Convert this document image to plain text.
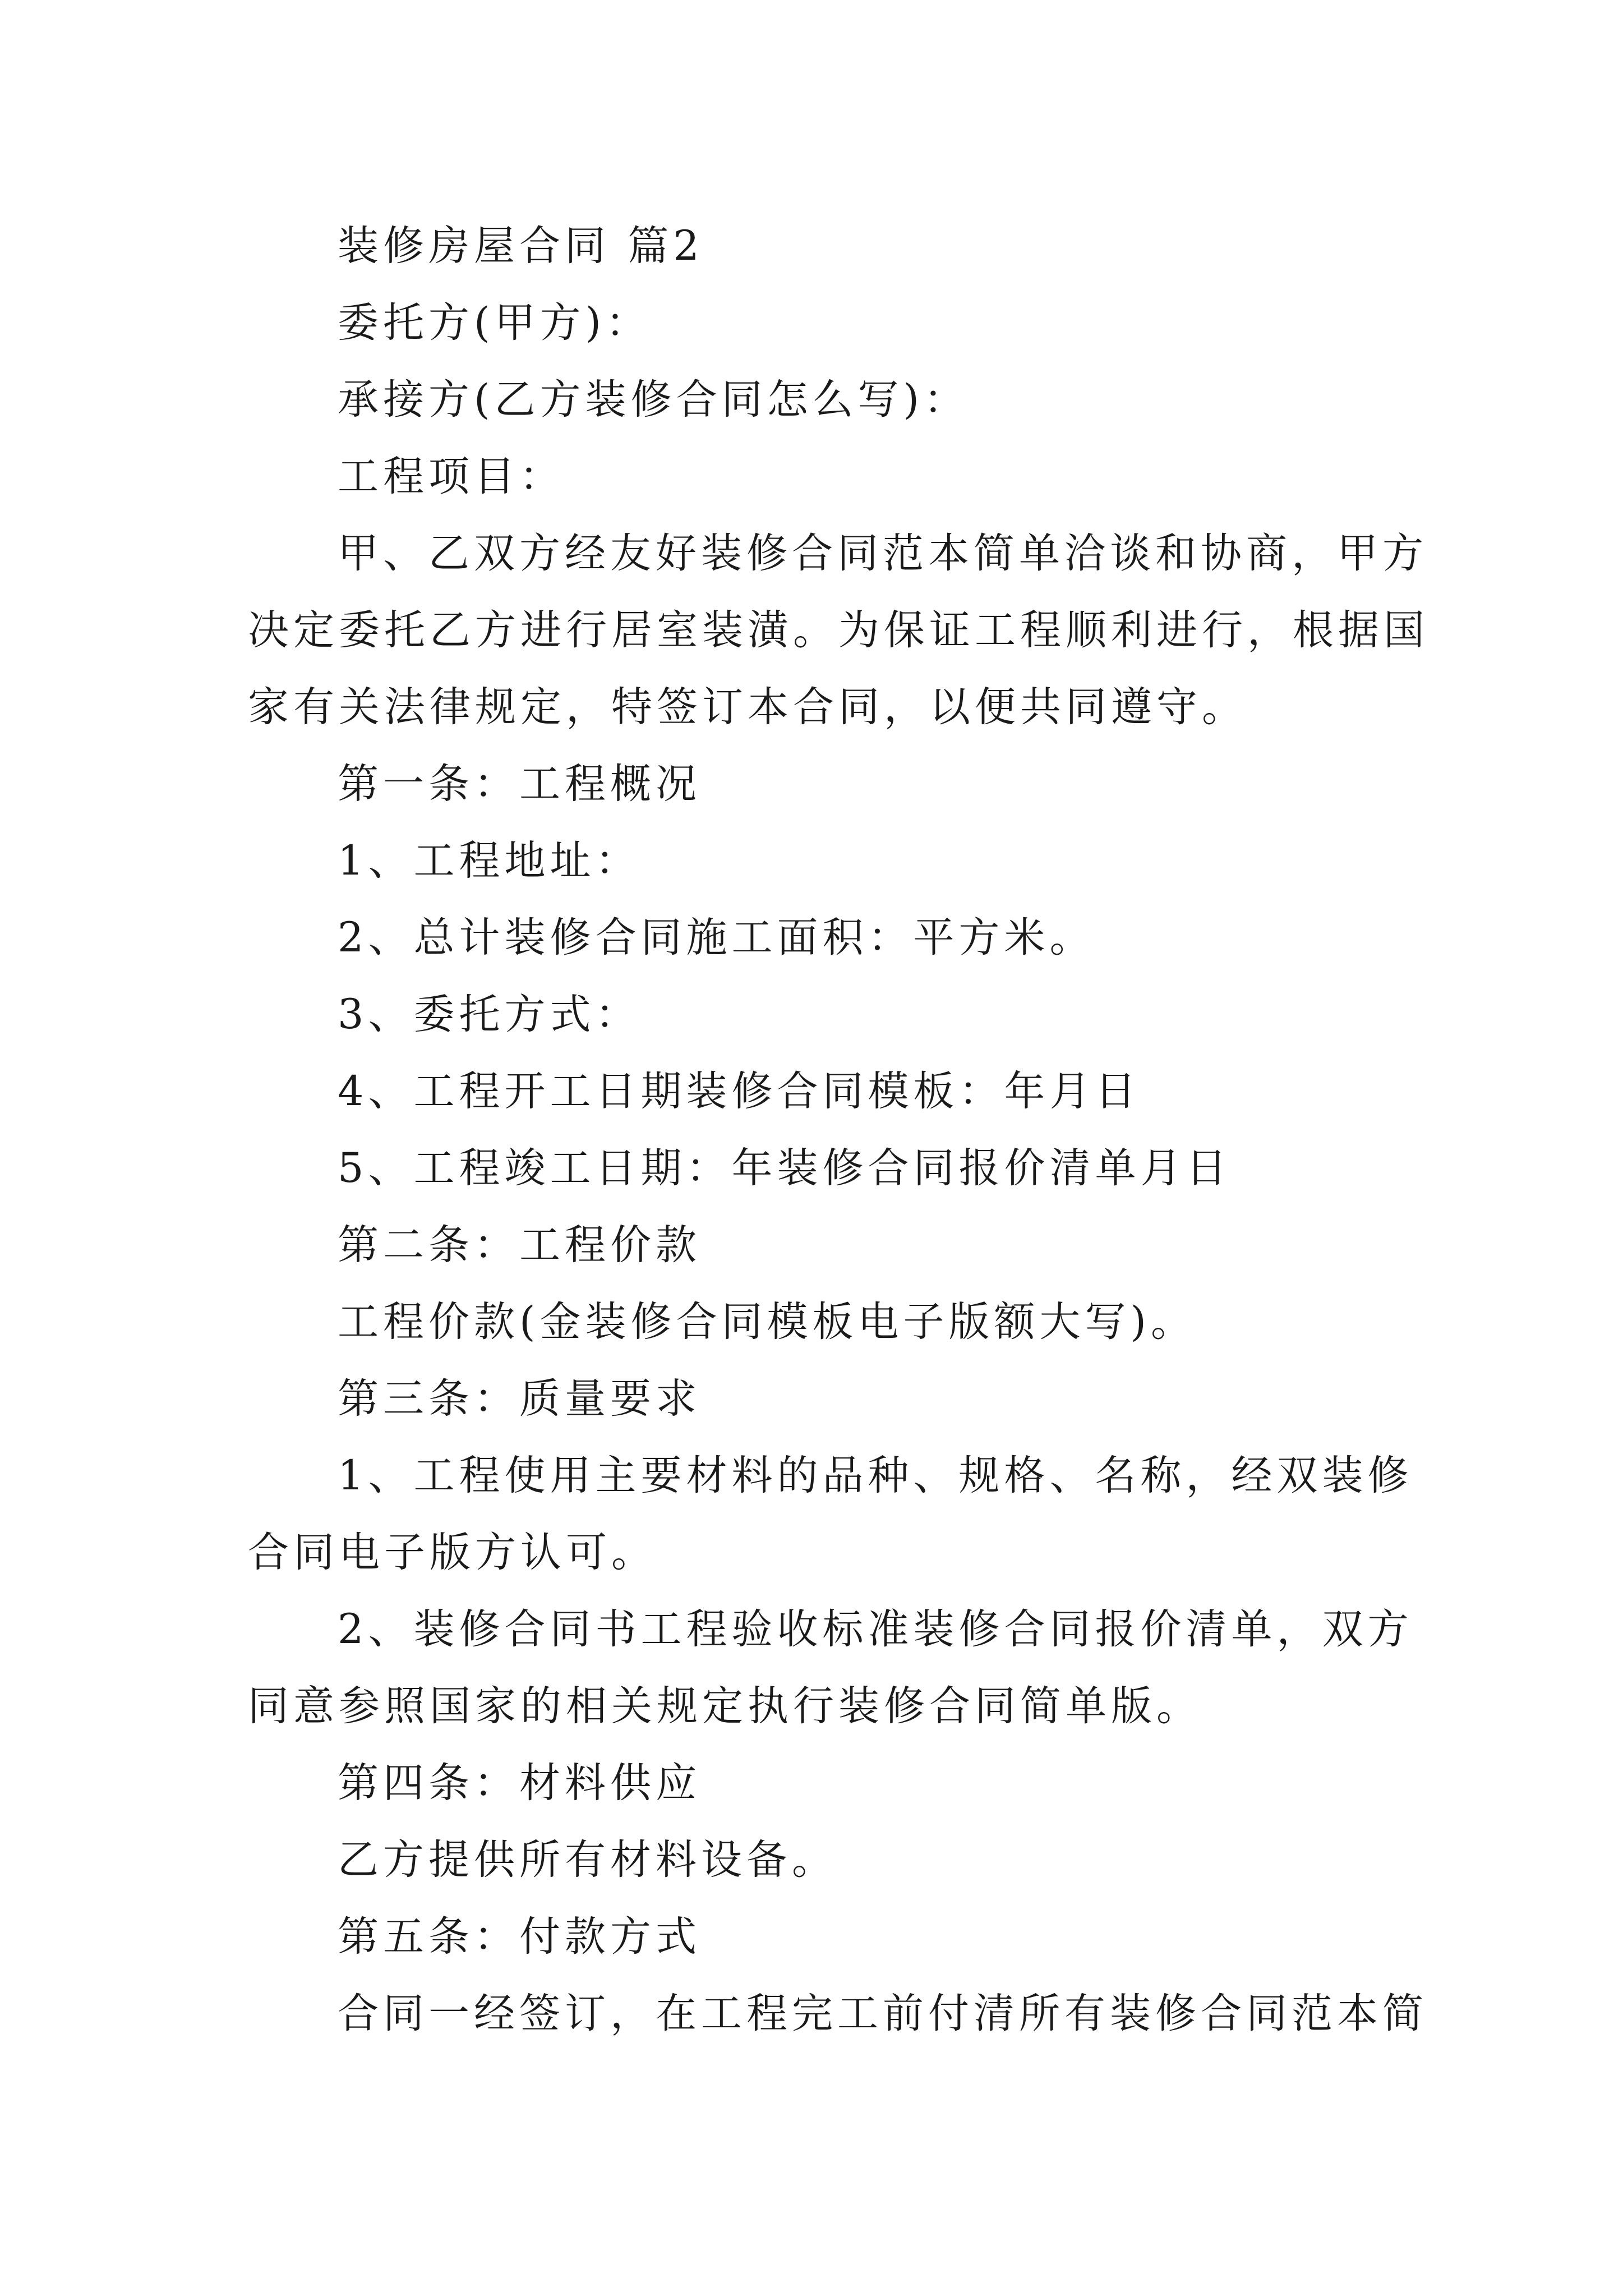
装修房屋合同 篇2
委托方(甲方)：
承接方(乙方装修合同怎么写)：
工程项目：
甲、乙双方经友好装修合同范本简单洽谈和协商，甲方
决定委托乙方进行居室装潢。为保证工程顺利进行，根据国
家有关法律规定，特签订本合同，以便共同遵守。
第一条：工程概况
1、工程地址：
2、总计装修合同施工面积：平方米。
3、委托方式：
4、工程开工日期装修合同模板：年月日
5、工程竣工日期：年装修合同报价清单月日
第二条：工程价款
工程价款(金装修合同模板电子版额大写)。
第三条：质量要求
1、工程使用主要材料的品种、规格、名称，经双装修
合同电子版方认可。
2、装修合同书工程验收标准装修合同报价清单，双方
同意参照国家的相关规定执行装修合同简单版。
第四条：材料供应
乙方提供所有材料设备。
第五条：付款方式
合同一经签订，在工程完工前付清所有装修合同范本简
